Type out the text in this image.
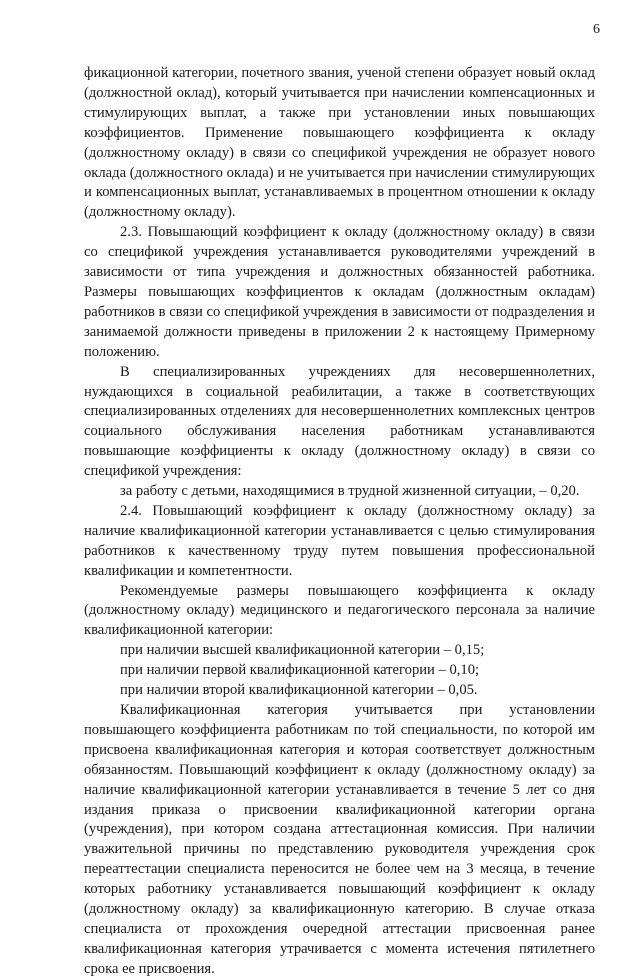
6

фикационной категории, почетного звания, ученой степени образует новый оклад (должностной оклад), который учитывается при начислении компенсационных и стимулирующих выплат, а также при установлении иных повышающих коэффициентов. Применение повышающего коэффициента к окладу (должностному окладу) в связи со спецификой учреждения не образует нового оклада (должностного оклада) и не учитывается при начислении стимулирующих и компенсационных выплат, устанавливаемых в процентном отношении к окладу (должностному окладу).

2.3. Повышающий коэффициент к окладу (должностному окладу) в связи со спецификой учреждения устанавливается руководителями учреждений в зависимости от типа учреждения и должностных обязанностей работника. Размеры повышающих коэффициентов к окладам (должностным окладам) работников в связи со спецификой учреждения в зависимости от подразделения и занимаемой должности приведены в приложении 2 к настоящему Примерному положению.

В специализированных учреждениях для несовершеннолетних, нуждающихся в социальной реабилитации, а также в соответствующих специализированных отделениях для несовершеннолетних комплексных центров социального обслуживания населения работникам устанавливаются повышающие коэффициенты к окладу (должностному окладу) в связи со спецификой учреждения:

за работу с детьми, находящимися в трудной жизненной ситуации, – 0,20.

2.4. Повышающий коэффициент к окладу (должностному окладу) за наличие квалификационной категории устанавливается с целью стимулирования работников к качественному труду путем повышения профессиональной квалификации и компетентности.

Рекомендуемые размеры повышающего коэффициента к окладу (должностному окладу) медицинского и педагогического персонала за наличие квалификационной категории:

при наличии высшей квалификационной категории – 0,15;

при наличии первой квалификационной категории – 0,10;

при наличии второй квалификационной категории – 0,05.

Квалификационная категория учитывается при установлении повышающего коэффициента работникам по той специальности, по которой им присвоена квалификационная категория и которая соответствует должностным обязанностям. Повышающий коэффициент к окладу (должностному окладу) за наличие квалификационной категории устанавливается в течение 5 лет со дня издания приказа о присвоении квалификационной категории органа (учреждения), при котором создана аттестационная комиссия. При наличии уважительной причины по представлению руководителя учреждения срок переаттестации специалиста переносится не более чем на 3 месяца, в течение которых работнику устанавливается повышающий коэффициент к окладу (должностному окладу) за квалификационную категорию. В случае отказа специалиста от прохождения очередной аттестации присвоенная ранее квалификационная категория утрачивается с момента истечения пятилетнего срока ее присвоения.
